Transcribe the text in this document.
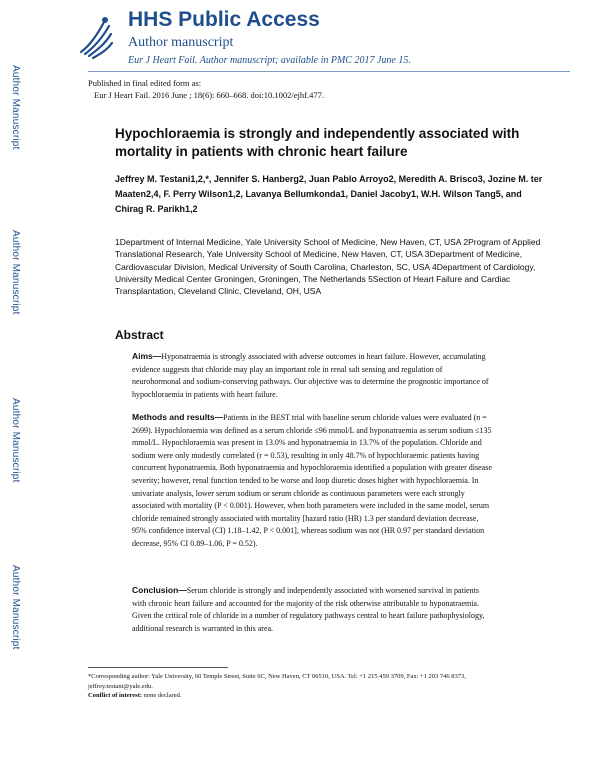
Author Manuscript
Author Manuscript
Author Manuscript
Author Manuscript
HHS Public Access
Author manuscript
Eur J Heart Fail. Author manuscript; available in PMC 2017 June 15.
Published in final edited form as:
Eur J Heart Fail. 2016 June ; 18(6): 660–668. doi:10.1002/ejhf.477.
Hypochloraemia is strongly and independently associated with mortality in patients with chronic heart failure
Jeffrey M. Testani1,2,*, Jennifer S. Hanberg2, Juan Pablo Arroyo2, Meredith A. Brisco3, Jozine M. ter Maaten2,4, F. Perry Wilson1,2, Lavanya Bellumkonda1, Daniel Jacoby1, W.H. Wilson Tang5, and Chirag R. Parikh1,2
1Department of Internal Medicine, Yale University School of Medicine, New Haven, CT, USA 2Program of Applied Translational Research, Yale University School of Medicine, New Haven, CT, USA 3Department of Medicine, Cardiovascular Division, Medical University of South Carolina, Charleston, SC, USA 4Department of Cardiology, University Medical Center Groningen, Groningen, The Netherlands 5Section of Heart Failure and Cardiac Transplantation, Cleveland Clinic, Cleveland, OH, USA
Abstract
Aims—Hyponatraemia is strongly associated with adverse outcomes in heart failure. However, accumulating evidence suggests that chloride may play an important role in renal salt sensing and regulation of neurohormonal and sodium-conserving pathways. Our objective was to determine the prognostic importance of hypochloraemia in patients with heart failure.
Methods and results—Patients in the BEST trial with baseline serum chloride values were evaluated (n = 2699). Hypochloraemia was defined as a serum chloride ≤96 mmol/L and hyponatraemia as serum sodium ≤135 mmol/L. Hypochloraemia was present in 13.0% and hyponatraemia in 13.7% of the population. Chloride and sodium were only modestly correlated (r = 0.53), resulting in only 48.7% of hypochloraemic patients having concurrent hyponatraemia. Both hyponatraemia and hypochloraemia identified a population with greater disease severity; however, renal function tended to be worse and loop diuretic doses higher with hypochloraemia. In univariate analysis, lower serum sodium or serum chloride as continuous parameters were each strongly associated with mortality (P < 0.001). However, when both parameters were included in the same model, serum chloride remained strongly associated with mortality [hazard ratio (HR) 1.3 per standard deviation decrease, 95% confidence interval (CI) 1.18–1.42, P < 0.001], whereas sodium was not (HR 0.97 per standard deviation decrease, 95% CI 0.89–1.06, P = 0.52).
Conclusion—Serum chloride is strongly and independently associated with worsened survival in patients with chronic heart failure and accounted for the majority of the risk otherwise attributable to hyponatraemia. Given the critical role of chloride in a number of regulatory pathways central to heart failure pathophysiology, additional research is warranted in this area.
*Corresponding author: Yale University, 60 Temple Street, Suite 6C, New Haven, CT 06510, USA. Tel: +1 215 459 3709, Fax: +1 203 746 8373, jeffrey.testani@yale.edu.
Conflict of interest: none declared.
